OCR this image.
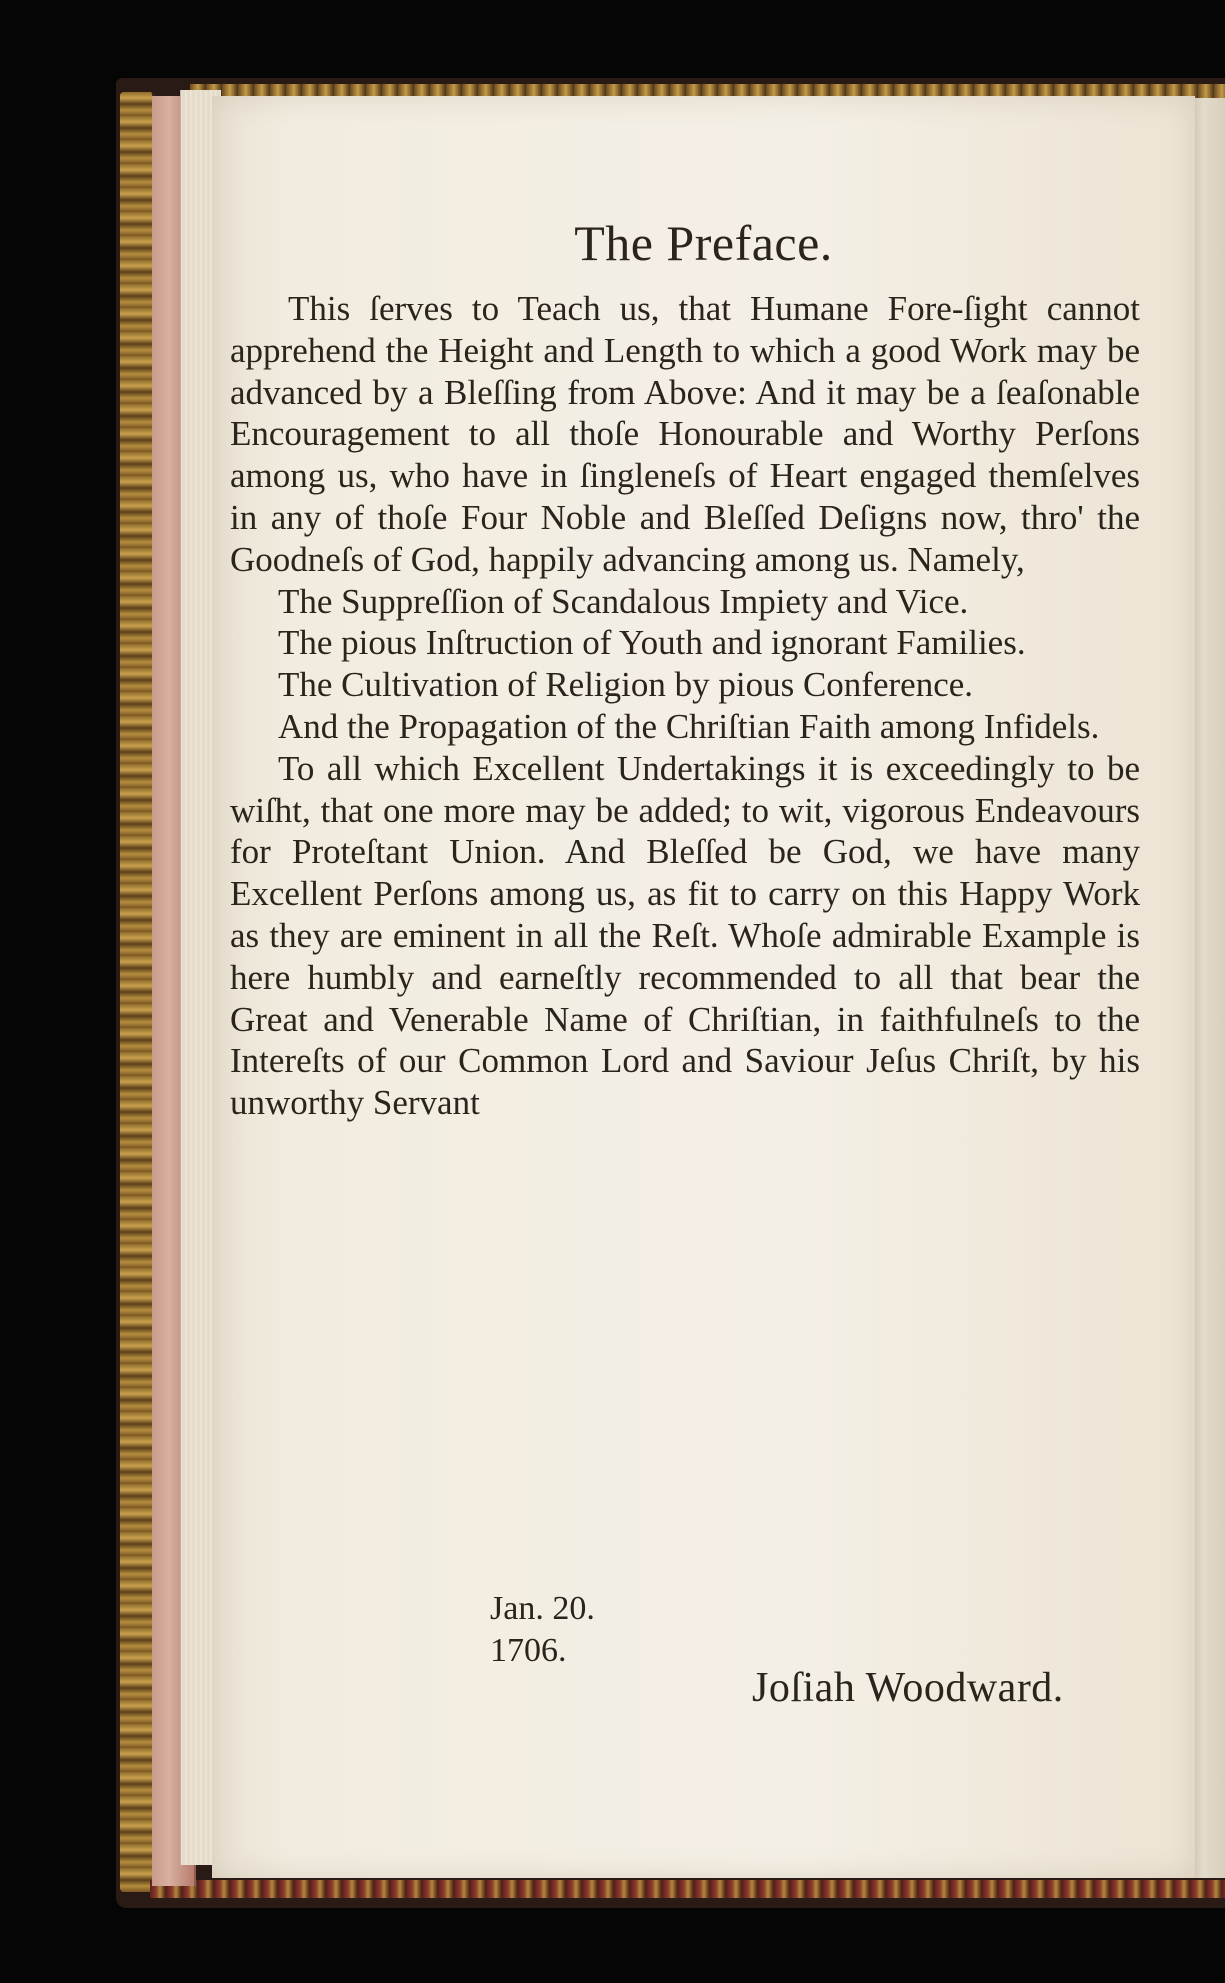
The Preface.

This ſerves to Teach us, that Humane Fore-ſight cannot apprehend the Height and Length to which a good Work may be advanced by a Bleſſing from Above: And it may be a ſeaſonable Encouragement to all thoſe Honourable and Worthy Perſons among us, who have in ſingleneſs of Heart engaged themſelves in any of thoſe Four Noble and Bleſſed Deſigns now, thro' the Goodneſs of God, happily advancing among us. Namely,

The Suppreſſion of Scandalous Impiety and Vice.

The pious Inſtruction of Youth and ignorant Families.

The Cultivation of Religion by pious Conference.

And the Propagation of the Chriſtian Faith among Infidels.

To all which Excellent Undertakings it is exceedingly to be wiſht, that one more may be added; to wit, vigorous Endeavours for Proteſtant Union. And Bleſſed be God, we have many Excellent Perſons among us, as fit to carry on this Happy Work as they are eminent in all the Reſt. Whoſe admirable Example is here humbly and earneſtly recommended to all that bear the Great and Venerable Name of Chriſtian, in faithfulneſs to the Intereſts of our Common Lord and Saviour Jeſus Chriſt, by his unworthy Servant

Jan. 20.
1706.
Joſiah Woodward.
